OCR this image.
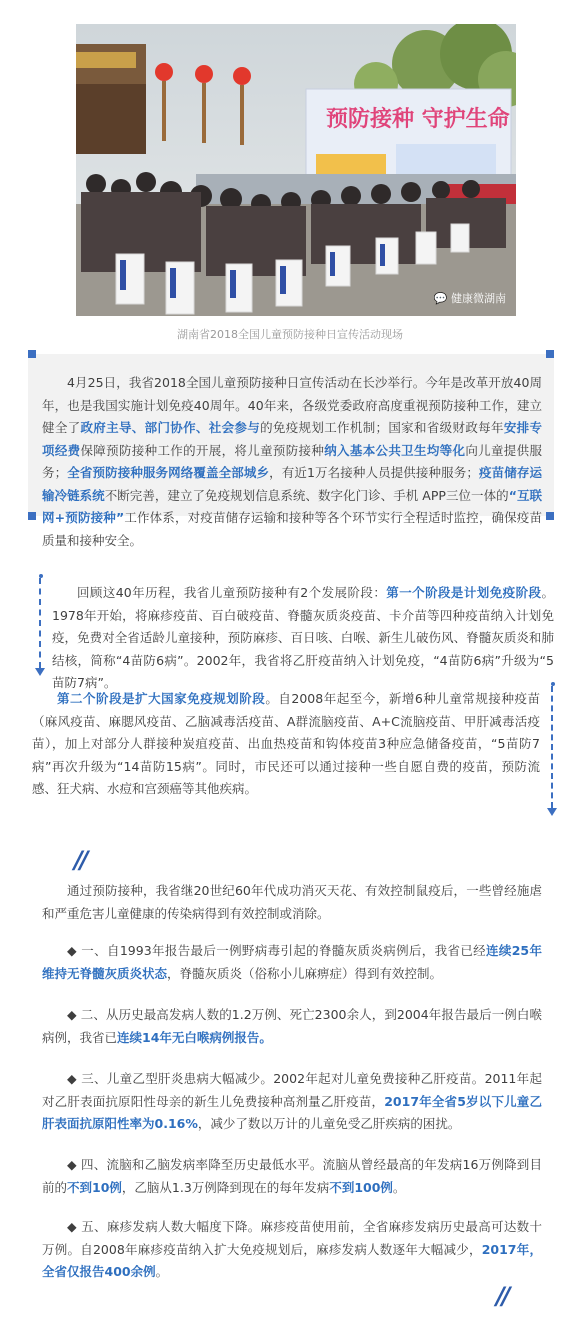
预防接种 守护生命
💬 健康微湖南
湖南省2018全国儿童预防接种日宣传活动现场

4月25日，我省2018全国儿童预防接种日宣传活动在长沙举行。今年是改革开放40周年，也是我国实施计划免疫40周年。40年来，各级党委政府高度重视预防接种工作，建立健全了政府主导、部门协作、社会参与的免疫规划工作机制；国家和省级财政每年安排专项经费保障预防接种工作的开展，将儿童预防接种纳入基本公共卫生均等化向儿童提供服务；全省预防接种服务网络覆盖全部城乡，有近1万名接种人员提供接种服务；疫苗储存运输冷链系统不断完善，建立了免疫规划信息系统、数字化门诊、手机 APP三位一体的“互联网+预防接种”工作体系，对疫苗储存运输和接种等各个环节实行全程适时监控，确保疫苗质量和接种安全。

回顾这40年历程，我省儿童预防接种有2个发展阶段：第一个阶段是计划免疫阶段。1978年开始，将麻疹疫苗、百白破疫苗、脊髓灰质炎疫苗、卡介苗等四种疫苗纳入计划免疫，免费对全省适龄儿童接种，预防麻疹、百日咳、白喉、新生儿破伤风、脊髓灰质炎和肺结核，简称“4苗防6病”。2002年，我省将乙肝疫苗纳入计划免疫，“4苗防6病”升级为“5苗防7病”。

第二个阶段是扩大国家免疫规划阶段。自2008年起至今，新增6种儿童常规接种疫苗（麻风疫苗、麻腮风疫苗、乙脑减毒活疫苗、A群流脑疫苗、A+C流脑疫苗、甲肝减毒活疫苗），加上对部分人群接种炭疽疫苗、出血热疫苗和钩体疫苗3种应急储备疫苗，“5苗防7病”再次升级为“14苗防15病”。同时，市民还可以通过接种一些自愿自费的疫苗，预防流感、狂犬病、水痘和宫颈癌等其他疾病。

//

通过预防接种，我省继20世纪60年代成功消灭天花、有效控制鼠疫后，一些曾经施虐和严重危害儿童健康的传染病得到有效控制或消除。

◆ 一、自1993年报告最后一例野病毒引起的脊髓灰质炎病例后，我省已经连续25年维持无脊髓灰质炎状态，脊髓灰质炎（俗称小儿麻痹症）得到有效控制。

◆ 二、从历史最高发病人数的1.2万例、死亡2300余人，到2004年报告最后一例白喉病例，我省已连续14年无白喉病例报告。

◆ 三、儿童乙型肝炎患病大幅减少。2002年起对儿童免费接种乙肝疫苗。2011年起对乙肝表面抗原阳性母亲的新生儿免费接种高剂量乙肝疫苗，2017年全省5岁以下儿童乙肝表面抗原阳性率为0.16%，减少了数以万计的儿童免受乙肝疾病的困扰。

◆ 四、流脑和乙脑发病率降至历史最低水平。流脑从曾经最高的年发病16万例降到目前的不到10例，乙脑从1.3万例降到现在的每年发病不到100例。

◆ 五、麻疹发病人数大幅度下降。麻疹疫苗使用前，全省麻疹发病历史最高可达数十万例。自2008年麻疹疫苗纳入扩大免疫规划后，麻疹发病人数逐年大幅减少，2017年，全省仅报告400余例。

//
